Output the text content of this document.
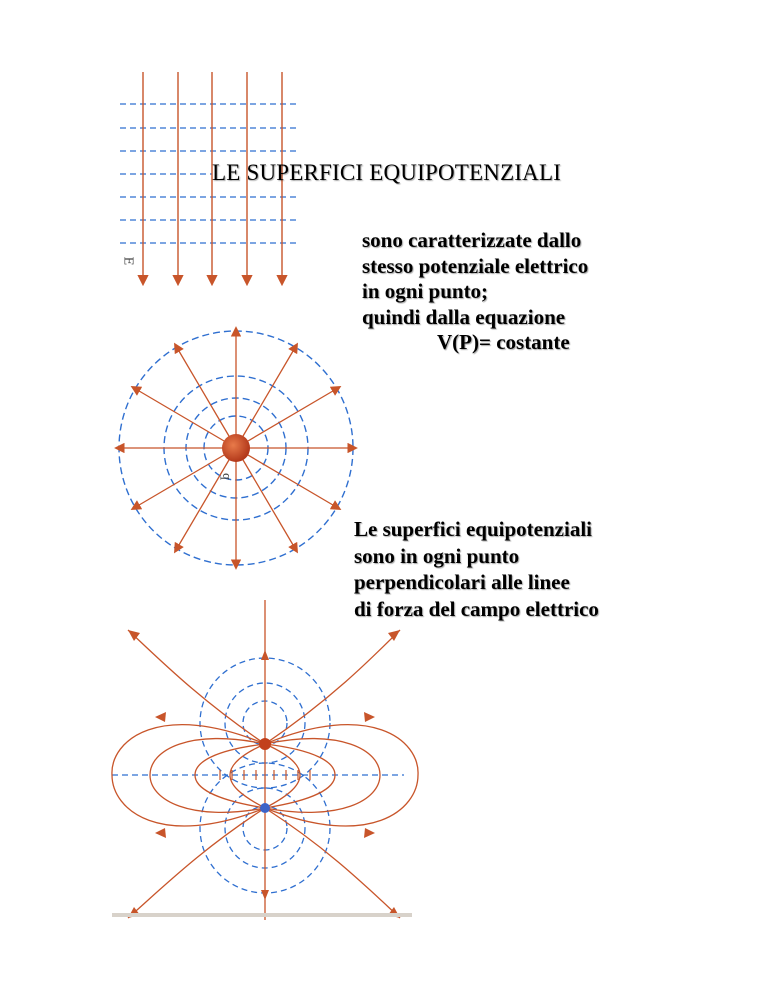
E
q
LE SUPERFICI EQUIPOTENZIALI
sono caratterizzate dallo
stesso potenziale elettrico
in ogni punto;
quindi dalla equazione
V(P)= costante
Le superfici equipotenziali
sono in ogni punto
perpendicolari alle linee
di forza del campo elettrico
